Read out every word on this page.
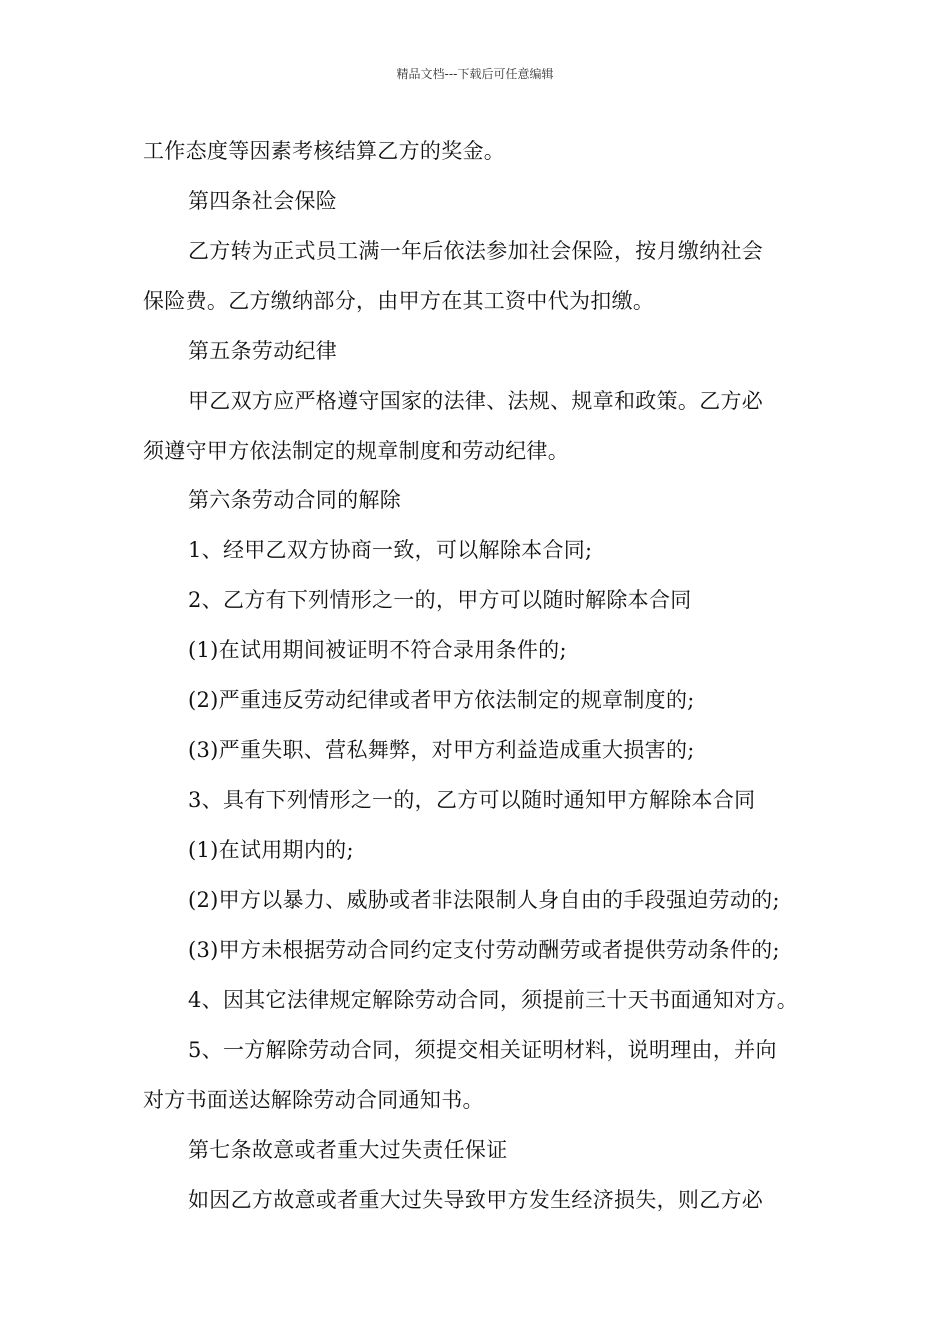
精品文档---下载后可任意编辑
工作态度等因素考核结算乙方的奖金。
第四条社会保险
乙方转为正式员工满一年后依法参加社会保险，按月缴纳社会
保险费。乙方缴纳部分，由甲方在其工资中代为扣缴。
第五条劳动纪律
甲乙双方应严格遵守国家的法律、法规、规章和政策。乙方必
须遵守甲方依法制定的规章制度和劳动纪律。
第六条劳动合同的解除
1、经甲乙双方协商一致，可以解除本合同;
2、乙方有下列情形之一的，甲方可以随时解除本合同
(1)在试用期间被证明不符合录用条件的;
(2)严重违反劳动纪律或者甲方依法制定的规章制度的;
(3)严重失职、营私舞弊，对甲方利益造成重大损害的;
3、具有下列情形之一的，乙方可以随时通知甲方解除本合同
(1)在试用期内的;
(2)甲方以暴力、威胁或者非法限制人身自由的手段强迫劳动的;
(3)甲方未根据劳动合同约定支付劳动酬劳或者提供劳动条件的;
4、因其它法律规定解除劳动合同，须提前三十天书面通知对方。
5、一方解除劳动合同，须提交相关证明材料，说明理由，并向
对方书面送达解除劳动合同通知书。
第七条故意或者重大过失责任保证
如因乙方故意或者重大过失导致甲方发生经济损失，则乙方必
